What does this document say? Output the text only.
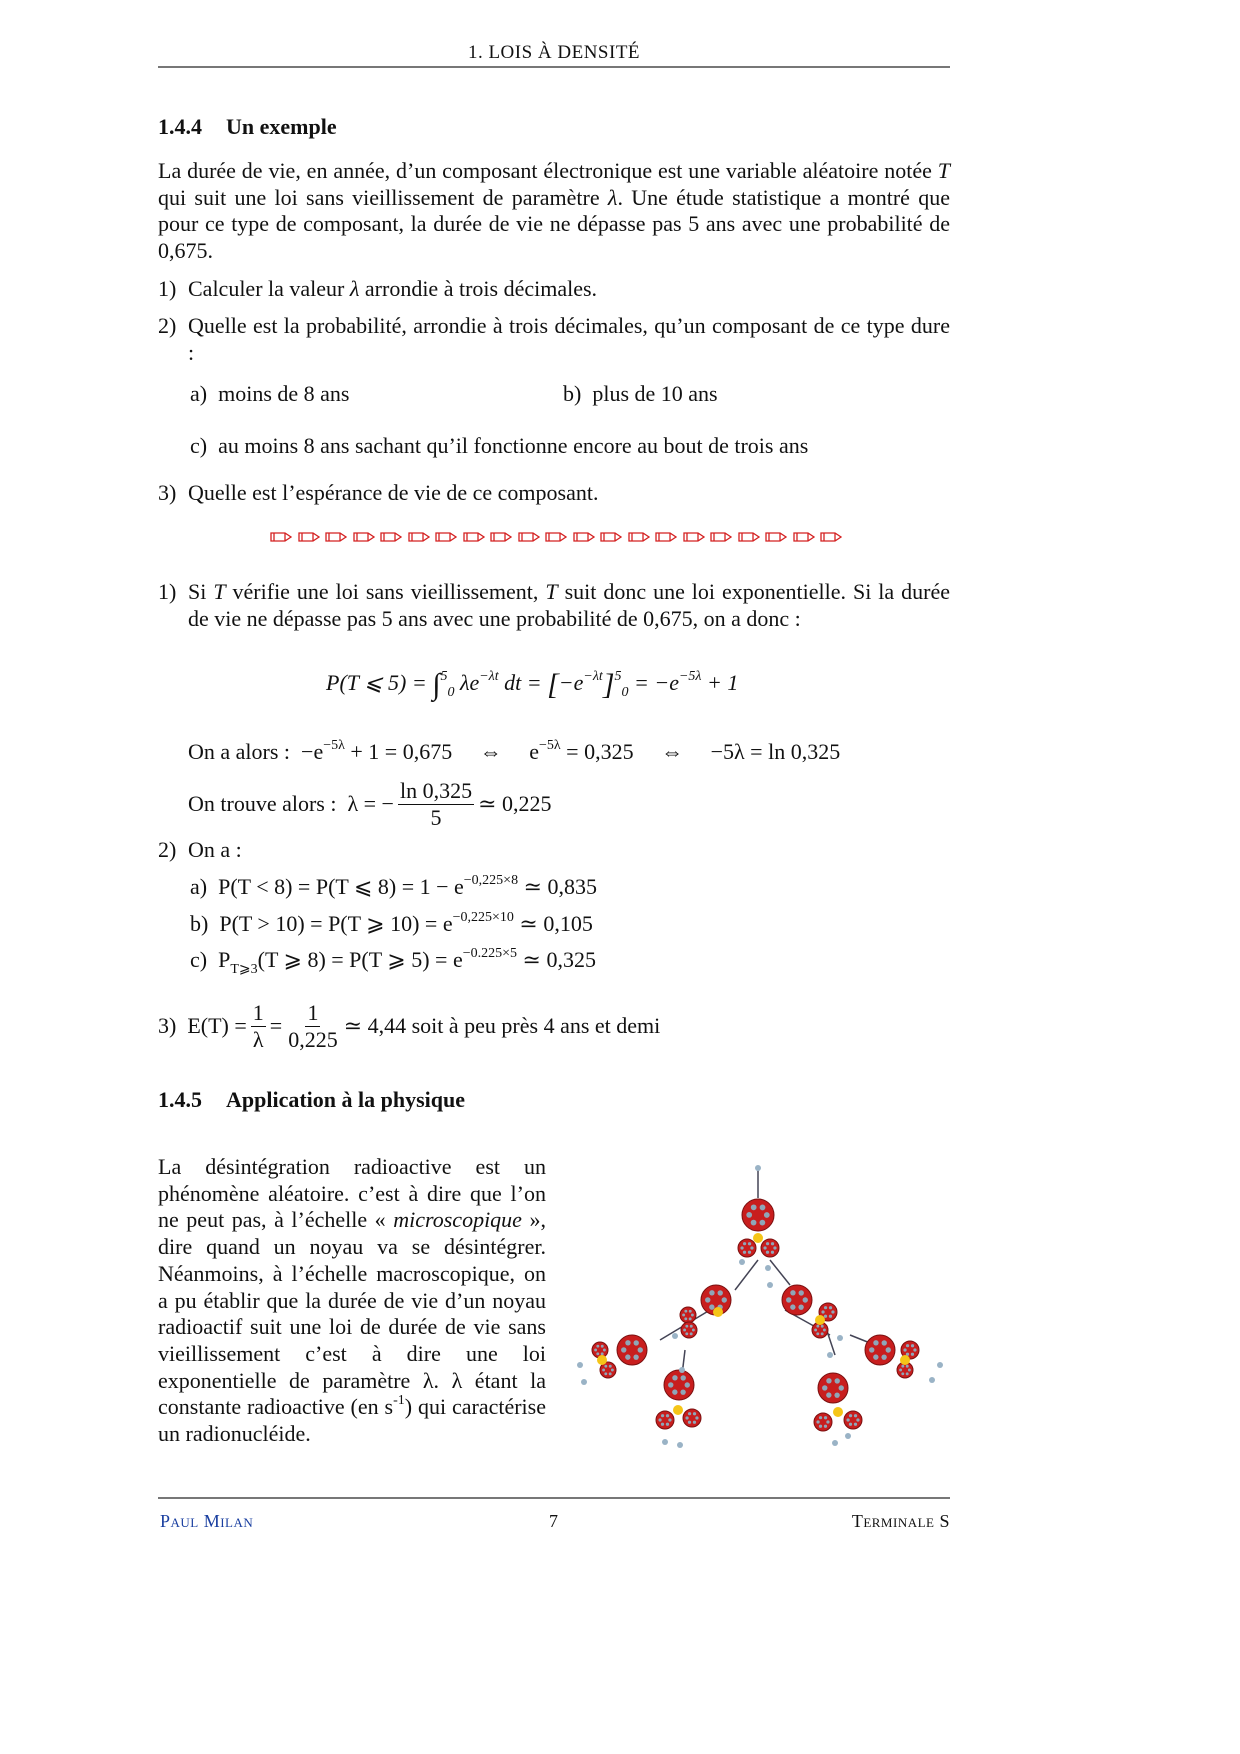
1. LOIS À DENSITÉ
1.4.4 Un exemple
La durée de vie, en année, d’un composant électronique est une variable aléatoire notée T qui suit une loi sans vieillissement de paramètre λ. Une étude statistique a montré que pour ce type de composant, la durée de vie ne dépasse pas 5 ans avec une probabilité de 0,675.
1) Calculer la valeur λ arrondie à trois décimales.
2) Quelle est la probabilité, arrondie à trois décimales, qu’un composant de ce type dure :
a) moins de 8 ans	b) plus de 10 ans
c) au moins 8 ans sachant qu’il fonctionne encore au bout de trois ans
3) Quelle est l’espérance de vie de ce composant.
1) Si T vérifie une loi sans vieillissement, T suit donc une loi exponentielle. Si la durée de vie ne dépasse pas 5 ans avec une probabilité de 0,675, on a donc :
P(T ⩽ 5) = ∫$^5_0$ $\lambda e^{-\lambda t}$ dt = $[-e^{-\lambda t}]^5_0 = -e^{-5\lambda} + 1$
On a alors : $-e^{-5\lambda} + 1 = 0,675$ ⇔ $e^{-5\lambda} = 0,325$ ⇔ −5λ = ln 0,325
On trouve alors :
λ = − $\frac{\ln 0,325}{5}$ ≃ 0,225
2) On a :
a) P(T < 8) = P(T ⩽ $8) = 1 - e^{-0,225\times 8}$ ≃ 0,835
b) P(T > 10) = P(T ⩾ $10) = e^{-0,225\times 10}$ ≃ 0,105
c) $P_{T⩾3}(T$ ⩾ 8) = P(T ⩾ $5) = e^{-0.225\times 5}$ ≃ 0,325
3)
$E(T) = \frac{1}{\lambda} = \frac{1}{0,225}$ ≃ 4,44 soit à peu près 4 ans et demi
1.4.5 Application à la physique
La désintégration radioactive est un phénomène aléatoire. c’est à dire que l’on ne peut pas, à l’échelle « microscopique », dire quand un noyau va se désintégrer. Néanmoins, à l’échelle macroscopique, on a pu établir que la durée de vie d’un noyau radioactif suit une loi de durée de vie sans vieillissement c’est à dire une loi exponentielle de paramètre λ. λ étant la constante radioactive (en $s^{-1}$) qui caractérise un radionucléide.
Paul Milan	7	Terminale S
